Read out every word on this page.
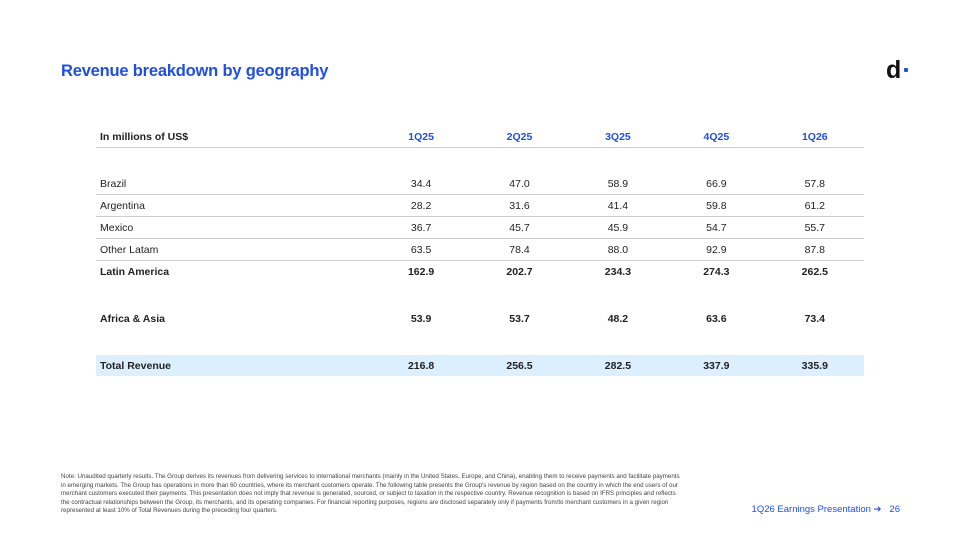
Revenue breakdown by geography	d
In millions of US$	1Q25	2Q25	3Q25	4Q25	1Q26

Brazil	34.4	47.0	58.9	66.9	57.8
Argentina	28.2	31.6	41.4	59.8	61.2
Mexico	36.7	45.7	45.9	54.7	55.7
Other Latam	63.5	78.4	88.0	92.9	87.8
Latin America	162.9	202.7	234.3	274.3	262.5

Africa & Asia	53.9	53.7	48.2	63.6	73.4

Total Revenue	216.8	256.5	282.5	337.9	335.9
Note: Unaudited quarterly results. The Group derives its revenues from delivering services to international merchants (mainly in the United States, Europe, and China), enabling them to receive payments and facilitate payments in emerging markets. The Group has operations in more than 60 countries, where its merchant customers operate. The following table presents the Group's revenue by region based on the country in which the end users of our merchant customers executed their payments. This presentation does not imply that revenue is generated, sourced, or subject to taxation in the respective country. Revenue recognition is based on IFRS principles and reflects the contractual relationships between the Group, its merchants, and its operating companies. For financial reporting purposes, regions are disclosed separately only if payments from/to merchant customers in a given region represented at least 10% of Total Revenues during the preceding four quarters.	1Q26 Earnings Presentation ➔ 26
